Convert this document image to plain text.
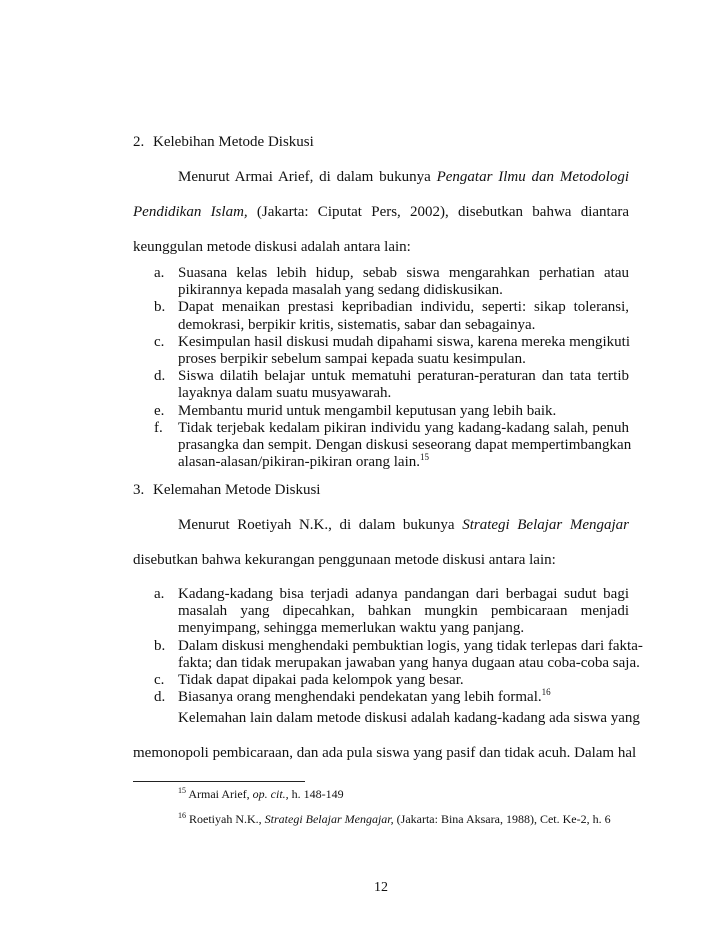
2. Kelebihan Metode Diskusi
Menurut Armai Arief, di dalam bukunya Pengatar Ilmu dan Metodologi
Pendidikan Islam, (Jakarta: Ciputat Pers, 2002), disebutkan bahwa diantara
keunggulan metode diskusi adalah antara lain:
a. Suasana kelas lebih hidup, sebab siswa mengarahkan perhatian atau
pikirannya kepada masalah yang sedang didiskusikan.
b. Dapat menaikan prestasi kepribadian individu, seperti: sikap toleransi,
demokrasi, berpikir kritis, sistematis, sabar dan sebagainya.
c. Kesimpulan hasil diskusi mudah dipahami siswa, karena mereka mengikuti
proses berpikir sebelum sampai kepada suatu kesimpulan.
d. Siswa dilatih belajar untuk mematuhi peraturan-peraturan dan tata tertib
layaknya dalam suatu musyawarah.
e. Membantu murid untuk mengambil keputusan yang lebih baik.
f.	Tidak terjebak kedalam pikiran individu yang kadang-kadang salah, penuh
prasangka dan sempit. Dengan diskusi seseorang dapat mempertimbangkan
alasan-alasan/pikiran-pikiran orang lain.$^{15}$
3. Kelemahan Metode Diskusi
Menurut Roetiyah N.K., di dalam bukunya Strategi Belajar Mengajar
disebutkan bahwa kekurangan penggunaan metode diskusi antara lain:
a. Kadang-kadang bisa terjadi adanya pandangan dari berbagai sudut bagi
masalah yang dipecahkan, bahkan mungkin pembicaraan menjadi
menyimpang, sehingga memerlukan waktu yang panjang.
b. Dalam diskusi menghendaki pembuktian logis, yang tidak terlepas dari fakta-
fakta; dan tidak merupakan jawaban yang hanya dugaan atau coba-coba saja.
c. Tidak dapat dipakai pada kelompok yang besar.
d. Biasanya orang menghendaki pendekatan yang lebih formal.$^{16}$
Kelemahan lain dalam metode diskusi adalah kadang-kadang ada siswa yang
memonopoli pembicaraan, dan ada pula siswa yang pasif dan tidak acuh. Dalam hal
$^{15}$ Armai Arief, op. cit., h. 148-149
$^{16}$ Roetiyah N.K., Strategi Belajar Mengajar, (Jakarta: Bina Aksara, 1988), Cet. Ke-2, h. 6
12
